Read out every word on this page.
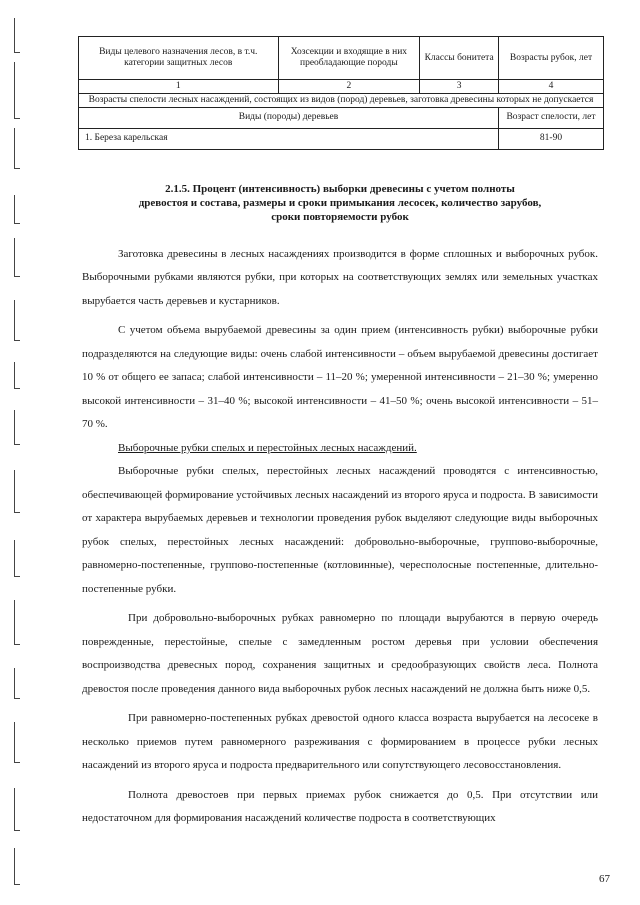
Виды целевого назначения лесов, в т.ч. категории защитных лесов	Хозсекции и входящие в них преобладающие породы	Классы бонитета	Возрасты рубок, лет
1	2	3	4
Возрасты спелости лесных насаждений, состоящих из видов (пород) деревьев, заготовка древесины которых не допускается			
Виды (породы) деревьев			Возраст спелости, лет
1. Береза карельская			81-90
2.1.5. Процент (интенсивность) выборки древесины с учетом полноты
древостоя и состава, размеры и сроки примыкания лесосек, количество зарубов,
сроки повторяемости рубок

Заготовка древесины в лесных насаждениях производится в форме сплошных и выборочных рубок. Выборочными рубками являются рубки, при которых на соответствующих землях или земельных участках вырубается часть деревьев и кустарников.

С учетом объема вырубаемой древесины за один прием (интенсивность рубки) выборочные рубки подразделяются на следующие виды: очень слабой интенсивности – объем вырубаемой древесины достигает 10 % от общего ее запаса; слабой интенсивности – 11–20 %; умеренной интенсивности – 21–30 %; умеренно высокой интенсивности – 31–40 %; высокой интенсивности – 41–50 %; очень высокой интенсивности – 51–70 %.

Выборочные рубки спелых и перестойных лесных насаждений.

Выборочные рубки спелых, перестойных лесных насаждений проводятся с интенсивностью, обеспечивающей формирование устойчивых лесных насаждений из второго яруса и подроста. В зависимости от характера вырубаемых деревьев и технологии проведения рубок выделяют следующие виды выборочных рубок спелых, перестойных лесных насаждений: добровольно-выборочные, группово-выборочные, равномерно-постепенные, группово-постепенные (котловинные), чересполосные постепенные, длительно-постепенные рубки.

При добровольно-выборочных рубках равномерно по площади вырубаются в первую очередь поврежденные, перестойные, спелые с замедленным ростом деревья при условии обеспечения воспроизводства древесных пород, сохранения защитных и средообразующих свойств леса. Полнота древостоя после проведения данного вида выборочных рубок лесных насаждений не должна быть ниже 0,5.

При равномерно-постепенных рубках древостой одного класса возраста вырубается на лесосеке в несколько приемов путем равномерного разреживания с формированием в процессе рубки лесных насаждений из второго яруса и подроста предварительного или сопутствующего лесовосстановления.

Полнота древостоев при первых приемах рубок снижается до 0,5. При отсутствии или недостаточном для формирования насаждений количестве подроста в соответствующих

67
